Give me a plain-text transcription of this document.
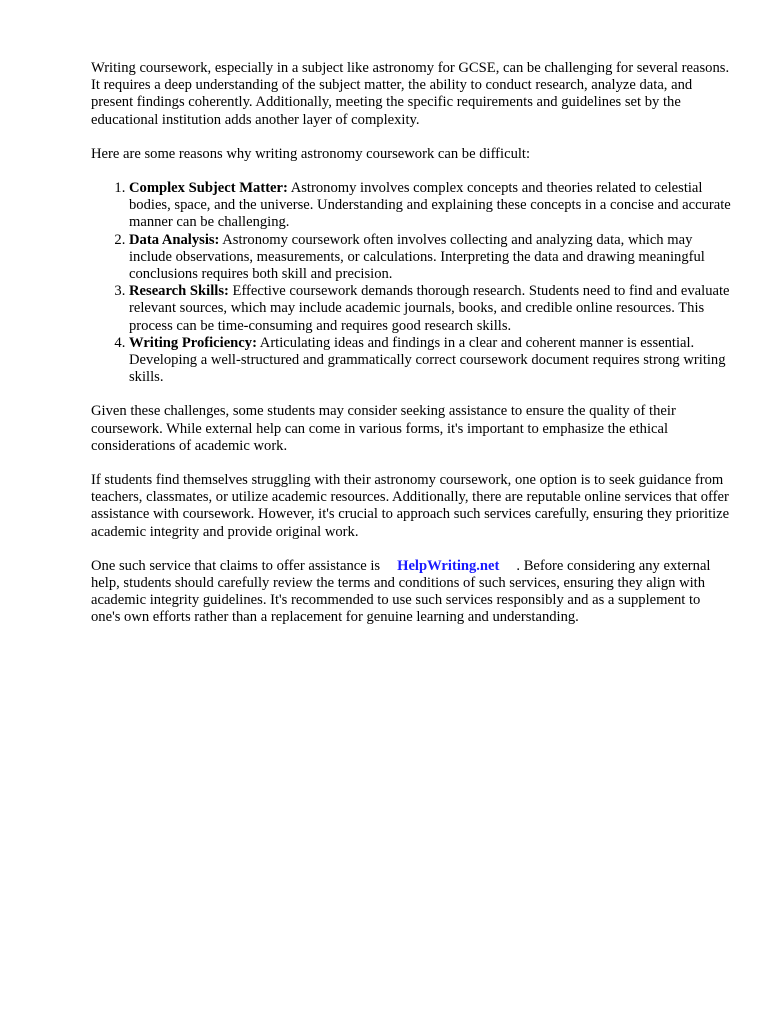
Writing coursework, especially in a subject like astronomy for GCSE, can be challenging for several reasons. It requires a deep understanding of the subject matter, the ability to conduct research, analyze data, and present findings coherently. Additionally, meeting the specific requirements and guidelines set by the educational institution adds another layer of complexity.

Here are some reasons why writing astronomy coursework can be difficult:

1. Complex Subject Matter: Astronomy involves complex concepts and theories related to celestial bodies, space, and the universe. Understanding and explaining these concepts in a concise and accurate manner can be challenging.
2. Data Analysis: Astronomy coursework often involves collecting and analyzing data, which may include observations, measurements, or calculations. Interpreting the data and drawing meaningful conclusions requires both skill and precision.
3. Research Skills: Effective coursework demands thorough research. Students need to find and evaluate relevant sources, which may include academic journals, books, and credible online resources. This process can be time-consuming and requires good research skills.
4. Writing Proficiency: Articulating ideas and findings in a clear and coherent manner is essential. Developing a well-structured and grammatically correct coursework document requires strong writing skills.

Given these challenges, some students may consider seeking assistance to ensure the quality of their coursework. While external help can come in various forms, it's important to emphasize the ethical considerations of academic work.

If students find themselves struggling with their astronomy coursework, one option is to seek guidance from teachers, classmates, or utilize academic resources. Additionally, there are reputable online services that offer assistance with coursework. However, it's crucial to approach such services carefully, ensuring they prioritize academic integrity and provide original work.

One such service that claims to offer assistance is HelpWriting.net . Before considering any external help, students should carefully review the terms and conditions of such services, ensuring they align with academic integrity guidelines. It's recommended to use such services responsibly and as a supplement to one's own efforts rather than a replacement for genuine learning and understanding.
